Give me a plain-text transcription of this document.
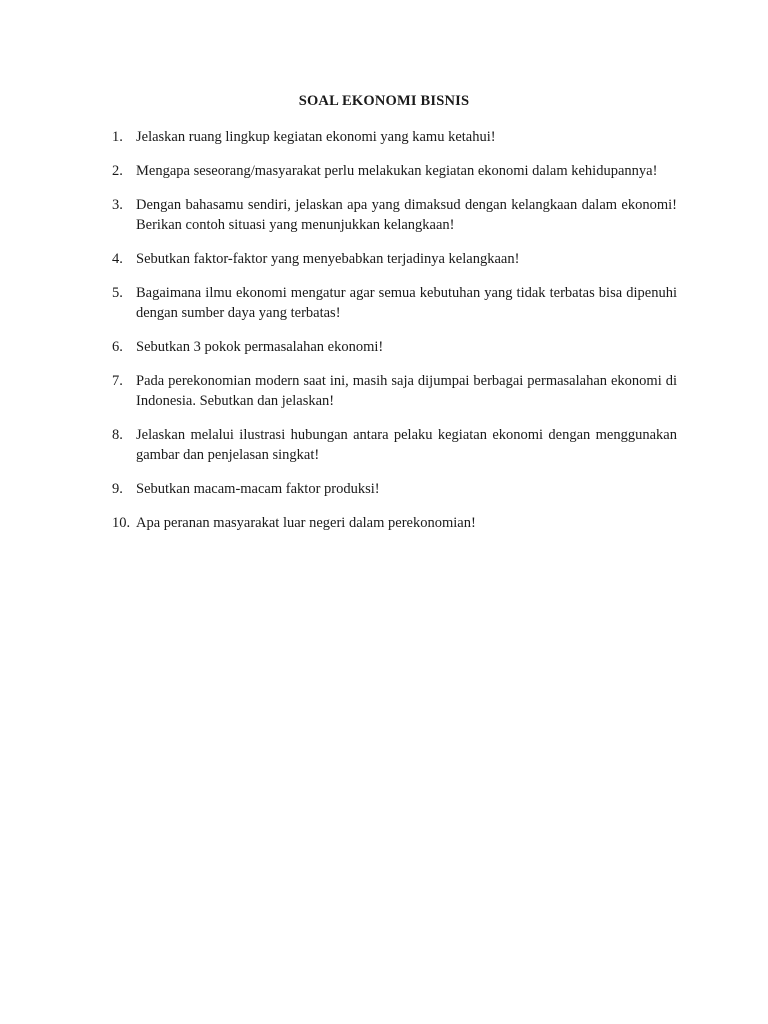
SOAL EKONOMI BISNIS
1. Jelaskan ruang lingkup kegiatan ekonomi yang kamu ketahui!
2. Mengapa seseorang/masyarakat perlu melakukan kegiatan ekonomi dalam kehidupannya!
3. Dengan bahasamu sendiri, jelaskan apa yang dimaksud dengan kelangkaan dalam ekonomi! Berikan contoh situasi yang menunjukkan kelangkaan!
4. Sebutkan faktor-faktor yang menyebabkan terjadinya kelangkaan!
5. Bagaimana ilmu ekonomi mengatur agar semua kebutuhan yang tidak terbatas bisa dipenuhi dengan sumber daya yang terbatas!
6. Sebutkan 3 pokok permasalahan ekonomi!
7. Pada perekonomian modern saat ini, masih saja dijumpai berbagai permasalahan ekonomi di Indonesia. Sebutkan dan jelaskan!
8. Jelaskan melalui ilustrasi hubungan antara pelaku kegiatan ekonomi dengan menggunakan gambar dan penjelasan singkat!
9. Sebutkan macam-macam faktor produksi!
10. Apa peranan masyarakat luar negeri dalam perekonomian!
